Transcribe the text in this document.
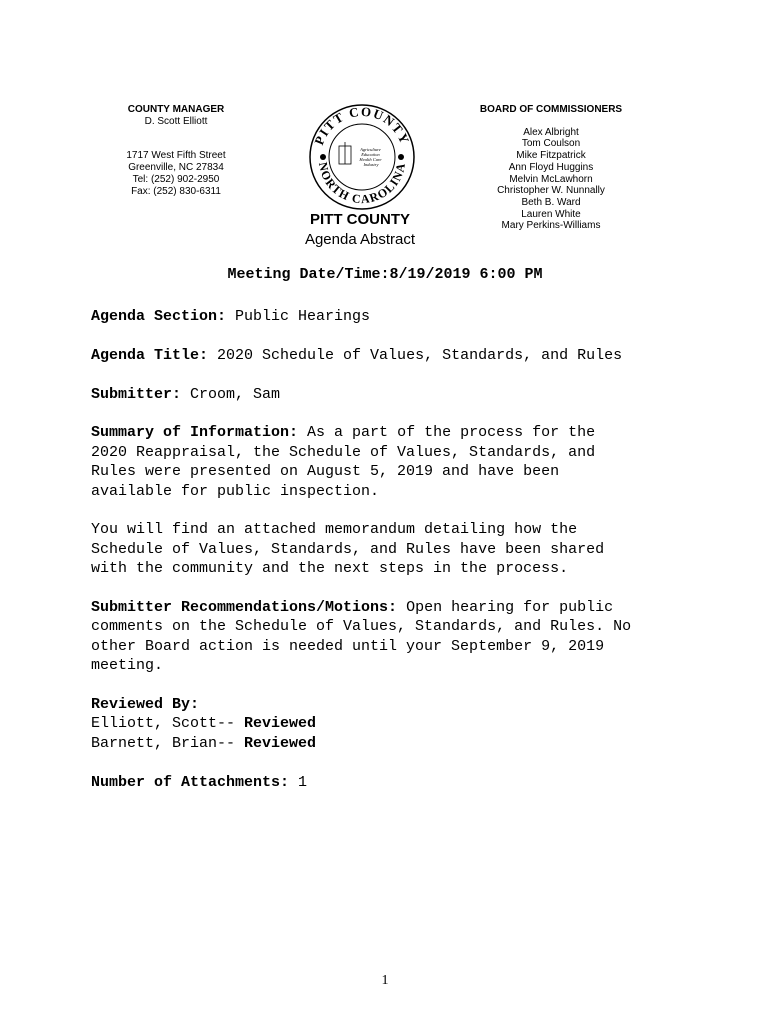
COUNTY MANAGER
D. Scott Elliott
1717 West Fifth Street
Greenville, NC 27834
Tel: (252) 902-2950
Fax: (252) 830-6311
PITT COUNTY
NORTH CAROLINA
Agriculture Education Health Care Industry
PITT COUNTY
Agenda Abstract
BOARD OF COMMISSIONERS
Alex Albright
Tom Coulson
Mike Fitzpatrick
Ann Floyd Huggins
Melvin McLawhorn
Christopher W. Nunnally
Beth B. Ward
Lauren White
Mary Perkins-Williams
Meeting Date/Time:8/19/2019 6:00 PM

Agenda Section: Public Hearings

Agenda Title: 2020 Schedule of Values, Standards, and Rules

Submitter: Croom, Sam

Summary of Information: As a part of the process for the
2020 Reappraisal, the Schedule of Values, Standards, and
Rules were presented on August 5, 2019 and have been
available for public inspection.

You will find an attached memorandum detailing how the
Schedule of Values, Standards, and Rules have been shared
with the community and the next steps in the process.

Submitter Recommendations/Motions: Open hearing for public
comments on the Schedule of Values, Standards, and Rules. No
other Board action is needed until your September 9, 2019
meeting.

Reviewed By:
Elliott, Scott-- Reviewed
Barnett, Brian-- Reviewed

Number of Attachments: 1

1
